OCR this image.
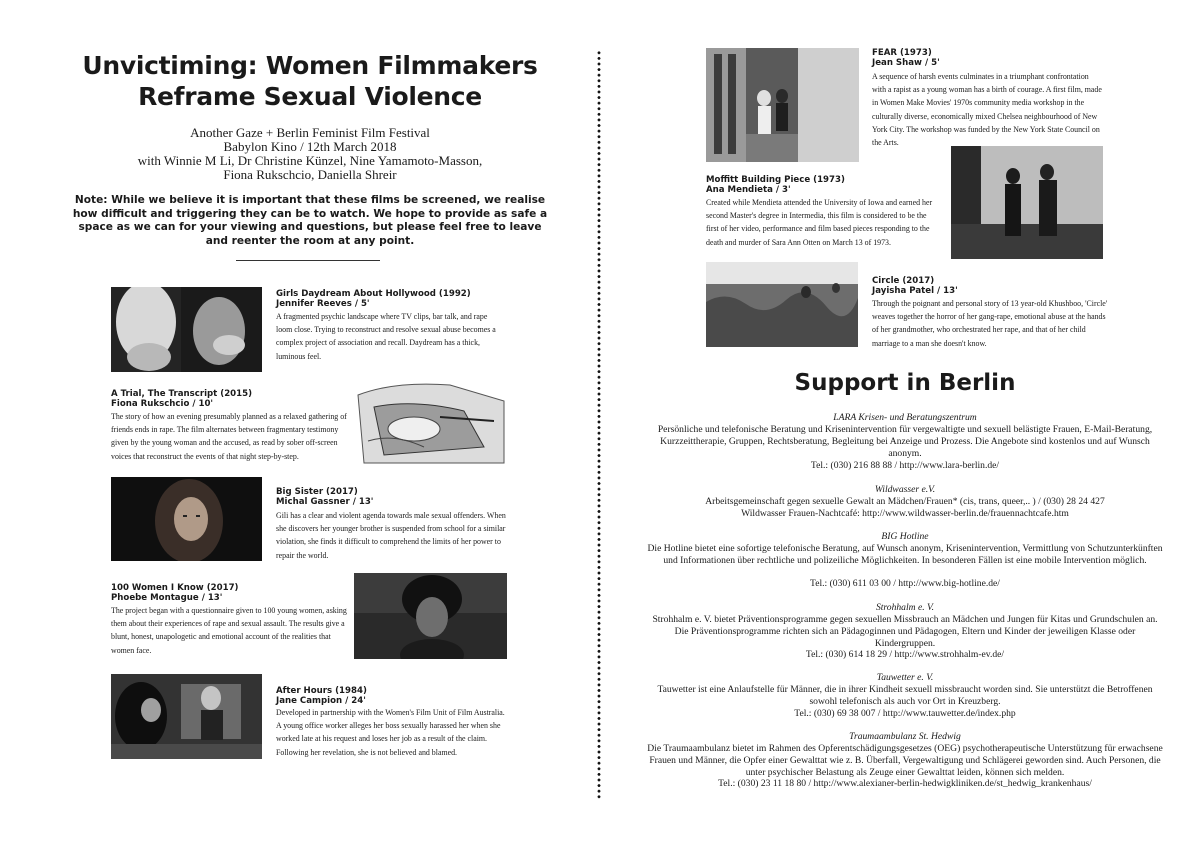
Unvictiming: Women Filmmakers
Reframe Sexual Violence
Another Gaze + Berlin Feminist Film Festival
Babylon Kino / 12th March 2018
with Winnie M Li, Dr Christine Künzel, Nine Yamamoto-Masson,
Fiona Rukschcio, Daniella Shreir
Note: While we believe it is important that these films be screened, we realise how difficult and triggering they can be to watch. We hope to provide as safe a space as we can for your viewing and questions, but please feel free to leave and reenter the room at any point.
Girls Daydream About Hollywood (1992)
Jennifer Reeves / 5'
A fragmented psychic landscape where TV clips, bar talk, and rape loom close. Trying to reconstruct and resolve sexual abuse becomes a complex project of association and recall. Daydream has a thick, luminous feel.
A Trial, The Transcript (2015)
Fiona Rukschcio / 10'
The story of how an evening presumably planned as a relaxed gathering of friends ends in rape. The film alternates between fragmentary testimony given by the young woman and the accused, as read by sober off-screen voices that reconstruct the events of that night step-by-step.
Big Sister (2017)
Michal Gassner / 13'
Gili has a clear and violent agenda towards male sexual offenders. When she discovers her younger brother is suspended from school for a similar violation, she finds it difficult to comprehend the limits of her power to repair the world.
100 Women I Know (2017)
Phoebe Montague / 13'
The project began with a questionnaire given to 100 young women, asking them about their experiences of rape and sexual assault. The results give a blunt, honest, unapologetic and emotional account of the realities that women face.
After Hours (1984)
Jane Campion / 24'
Developed in partnership with the Women's Film Unit of Film Australia. A young office worker alleges her boss sexually harassed her when she worked late at his request and loses her job as a result of the claim. Following her revelation, she is not believed and blamed.
FEAR (1973)
Jean Shaw / 5'
A sequence of harsh events culminates in a triumphant confrontation with a rapist as a young woman has a birth of courage. A first film, made in Women Make Movies' 1970s community media workshop in the culturally diverse, economically mixed Chelsea neighbourhood of New York City. The workshop was funded by the New York State Council on the Arts.
Moffitt Building Piece (1973)
Ana Mendieta / 3'
Created while Mendieta attended the University of Iowa and earned her second Master's degree in Intermedia, this film is considered to be the first of her video, performance and film based pieces responding to the death and murder of Sara Ann Otten on March 13 of 1973.
Circle (2017)
Jayisha Patel / 13'
Through the poignant and personal story of 13 year-old Khushboo, 'Circle' weaves together the horror of her gang-rape, emotional abuse at the hands of her grandmother, who orchestrated her rape, and that of her child marriage to a man she doesn't know.
Support in Berlin
LARA Krisen- und Beratungszentrum
Persönliche und telefonische Beratung und Krisenintervention für vergewaltigte und sexuell belästigte Frauen, E-Mail-Beratung, Kurzzeittherapie, Gruppen, Rechtsberatung, Begleitung bei Anzeige und Prozess. Die Angebote sind kostenlos und auf Wunsch anonym.
Tel.: (030) 216 88 88 / http://www.lara-berlin.de/
Wildwasser e.V.
Arbeitsgemeinschaft gegen sexuelle Gewalt an Mädchen/Frauen* (cis, trans, queer,.. ) / (030) 28 24 427
Wildwasser Frauen-Nachtcafé: http://www.wildwasser-berlin.de/frauennachtcafe.htm
BIG Hotline
Die Hotline bietet eine sofortige telefonische Beratung, auf Wunsch anonym, Krisenintervention, Vermittlung von Schutzunterkünften und Informationen über rechtliche und polizeiliche Möglichkeiten. In besonderen Fällen ist eine mobile Intervention möglich.
Tel.: (030) 611 03 00 / http://www.big-hotline.de/
Strohhalm e. V.
Strohhalm e. V. bietet Präventionsprogramme gegen sexuellen Missbrauch an Mädchen und Jungen für Kitas und Grundschulen an. Die Präventionsprogramme richten sich an Pädagoginnen und Pädagogen, Eltern und Kinder der jeweiligen Klasse oder Kindergruppen.
Tel.: (030) 614 18 29 / http://www.strohhalm-ev.de/
Tauwetter e. V.
Tauwetter ist eine Anlaufstelle für Männer, die in ihrer Kindheit sexuell missbraucht worden sind. Sie unterstützt die Betroffenen sowohl telefonisch als auch vor Ort in Kreuzberg.
Tel.: (030) 69 38 007 / http://www.tauwetter.de/index.php
Traumaambulanz St. Hedwig
Die Traumaambulanz bietet im Rahmen des Opferentschädigungsgesetzes (OEG) psychotherapeutische Unterstützung für erwachsene Frauen und Männer, die Opfer einer Gewalttat wie z. B. Überfall, Vergewaltigung und Schlägerei geworden sind. Auch Personen, die unter psychischer Belastung als Zeuge einer Gewalttat leiden, können sich melden.
Tel.: (030) 23 11 18 80 / http://www.alexianer-berlin-hedwigkliniken.de/st_hedwig_krankenhaus/
